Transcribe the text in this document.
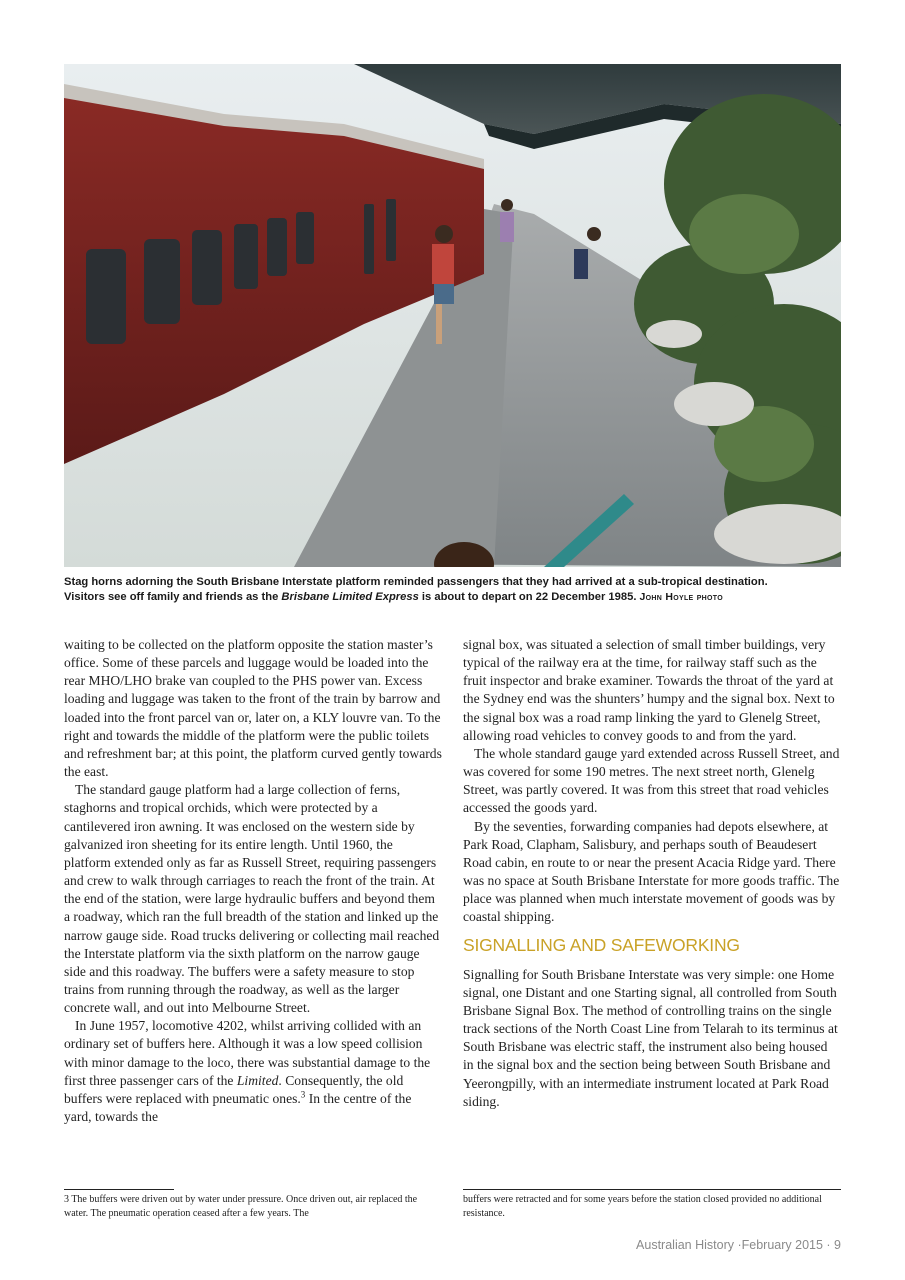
Stag horns adorning the South Brisbane Interstate platform reminded passengers that they had arrived at a sub-tropical destination.
Visitors see off family and friends as the Brisbane Limited Express is about to depart on 22 December 1985. John Hoyle photo

waiting to be collected on the platform opposite the station master’s office. Some of these parcels and luggage would be loaded into the rear MHO/LHO brake van coupled to the PHS power van. Excess loading and luggage was taken to the front of the train by barrow and loaded into the front parcel van or, later on, a KLY louvre van. To the right and towards the middle of the platform were the public toilets and refreshment bar; at this point, the platform curved gently towards the east.

The standard gauge platform had a large collection of ferns, staghorns and tropical orchids, which were protected by a cantilevered iron awning. It was enclosed on the western side by galvanized iron sheeting for its entire length. Until 1960, the platform extended only as far as Russell Street, requiring passengers and crew to walk through carriages to reach the front of the train. At the end of the station, were large hydraulic buffers and beyond them a roadway, which ran the full breadth of the station and linked up the narrow gauge side. Road trucks delivering or collecting mail reached the Interstate platform via the sixth platform on the narrow gauge side and this roadway. The buffers were a safety measure to stop trains from running through the roadway, as well as the larger concrete wall, and out into Melbourne Street.

In June 1957, locomotive 4202, whilst arriving collided with an ordinary set of buffers here. Although it was a low speed collision with minor damage to the loco, there was substantial damage to the first three passenger cars of the Limited. Consequently, the old buffers were replaced with pneumatic ones.$^3$ In the centre of the yard, towards the

signal box, was situated a selection of small timber buildings, very typical of the railway era at the time, for railway staff such as the fruit inspector and brake examiner. Towards the throat of the yard at the Sydney end was the shunters’ humpy and the signal box. Next to the signal box was a road ramp linking the yard to Glenelg Street, allowing road vehicles to convey goods to and from the yard.

The whole standard gauge yard extended across Russell Street, and was covered for some 190 metres. The next street north, Glenelg Street, was partly covered. It was from this street that road vehicles accessed the goods yard.

By the seventies, forwarding companies had depots elsewhere, at Park Road, Clapham, Salisbury, and perhaps south of Beaudesert Road cabin, en route to or near the present Acacia Ridge yard. There was no space at South Brisbane Interstate for more goods traffic. The place was planned when much interstate movement of goods was by coastal shipping.

SIGNALLING AND SAFEWORKING

Signalling for South Brisbane Interstate was very simple: one Home signal, one Distant and one Starting signal, all controlled from South Brisbane Signal Box. The method of controlling trains on the single track sections of the North Coast Line from Telarah to its terminus at South Brisbane was electric staff, the instrument also being housed in the signal box and the section being between South Brisbane and Yeerongpilly, with an intermediate instrument located at Park Road siding.

3 The buffers were driven out by water under pressure. Once driven out, air replaced the water. The pneumatic operation ceased after a few years. The
buffers were retracted and for some years before the station closed provided no additional resistance.
Australian History ·February 2015 · 9
